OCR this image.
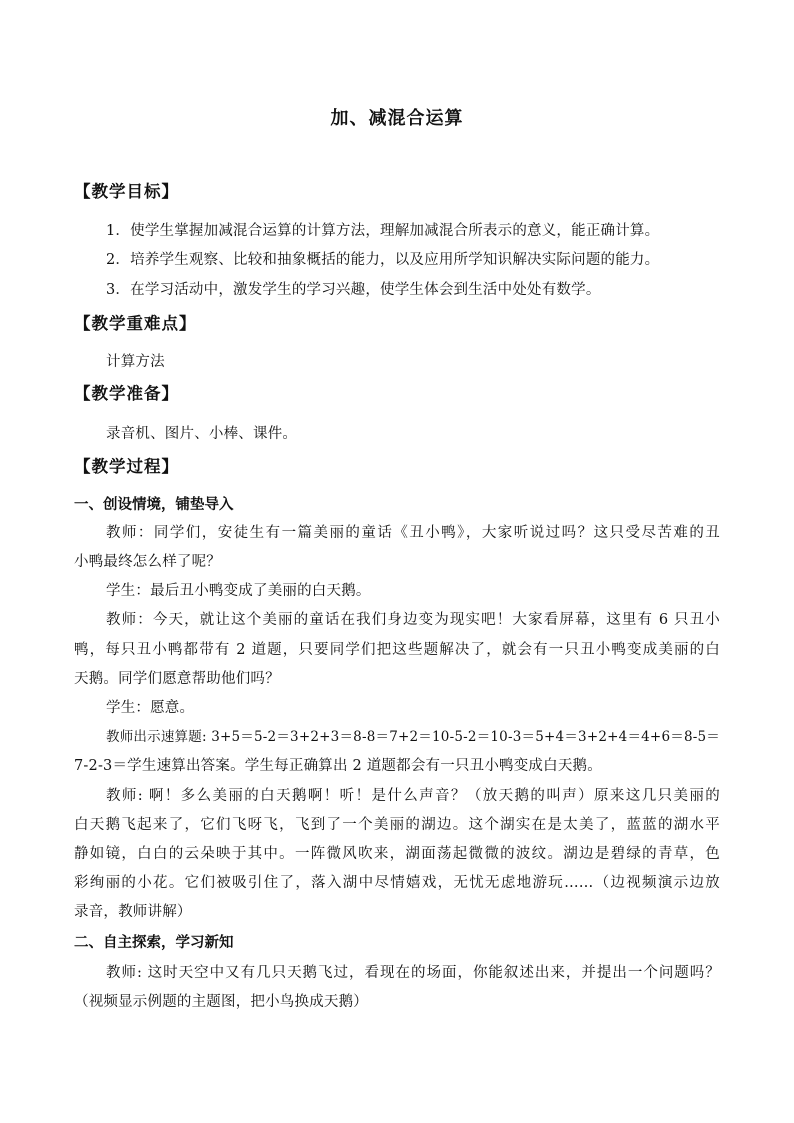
加、减混合运算
【教学目标】
1．使学生掌握加减混合运算的计算方法，理解加减混合所表示的意义，能正确计算。
2．培养学生观察、比较和抽象概括的能力，以及应用所学知识解决实际问题的能力。
3．在学习活动中，激发学生的学习兴趣，使学生体会到生活中处处有数学。
【教学重难点】
计算方法
【教学准备】
录音机、图片、小棒、课件。
【教学过程】
一、创设情境，铺垫导入
教师：同学们，安徒生有一篇美丽的童话《丑小鸭》，大家听说过吗？这只受尽苦难的丑
小鸭最终怎么样了呢？
学生：最后丑小鸭变成了美丽的白天鹅。
教师：今天，就让这个美丽的童话在我们身边变为现实吧！大家看屏幕，这里有 6 只丑小
鸭，每只丑小鸭都带有 2 道题，只要同学们把这些题解决了，就会有一只丑小鸭变成美丽的白
天鹅。同学们愿意帮助他们吗？
学生：愿意。
教师出示速算题: 3+5＝5-2＝3+2+3＝8-8＝7+2＝10-5-2＝10-3＝5+4＝3+2+4＝4+6＝8-5＝
7-2-3＝学生速算出答案。学生每正确算出 2 道题都会有一只丑小鸭变成白天鹅。
教师: 啊！多么美丽的白天鹅啊！听！是什么声音？（放天鹅的叫声）原来这几只美丽的
白天鹅飞起来了，它们飞呀飞，飞到了一个美丽的湖边。这个湖实在是太美了，蓝蓝的湖水平
静如镜，白白的云朵映于其中。一阵微风吹来，湖面荡起微微的波纹。湖边是碧绿的青草，色
彩绚丽的小花。它们被吸引住了，落入湖中尽情嬉戏，无忧无虑地游玩……（边视频演示边放
录音，教师讲解）
二、自主探索，学习新知
教师: 这时天空中又有几只天鹅飞过，看现在的场面，你能叙述出来，并提出一个问题吗？
（视频显示例题的主题图，把小鸟换成天鹅）
